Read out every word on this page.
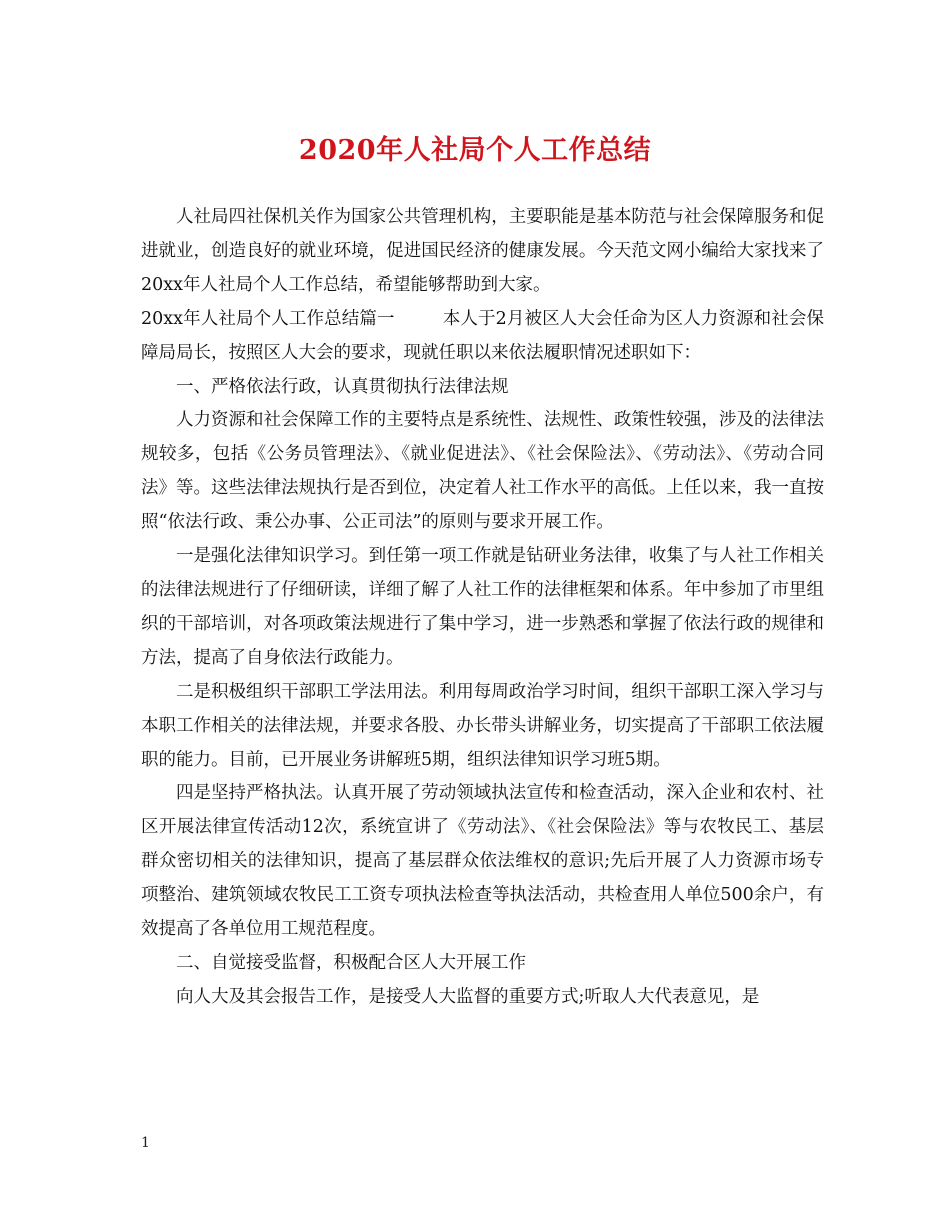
2020年人社局个人工作总结

人社局四社保机关作为国家公共管理机构，主要职能是基本防范与社会保障服务和促进就业，创造良好的就业环境，促进国民经济的健康发展。今天范文网小编给大家找来了20xx年人社局个人工作总结，希望能够帮助到大家。

20xx年人社局个人工作总结篇一	本人于2月被区人大会任命为区人力资源和社会保障局局长，按照区人大会的要求，现就任职以来依法履职情况述职如下：

一、严格依法行政，认真贯彻执行法律法规

人力资源和社会保障工作的主要特点是系统性、法规性、政策性较强，涉及的法律法规较多，包括《公务员管理法》、《就业促进法》、《社会保险法》、《劳动法》、《劳动合同法》等。这些法律法规执行是否到位，决定着人社工作水平的高低。上任以来，我一直按照“依法行政、秉公办事、公正司法”的原则与要求开展工作。

一是强化法律知识学习。到任第一项工作就是钻研业务法律，收集了与人社工作相关的法律法规进行了仔细研读，详细了解了人社工作的法律框架和体系。年中参加了市里组织的干部培训，对各项政策法规进行了集中学习，进一步熟悉和掌握了依法行政的规律和方法，提高了自身依法行政能力。

二是积极组织干部职工学法用法。利用每周政治学习时间，组织干部职工深入学习与本职工作相关的法律法规，并要求各股、办长带头讲解业务，切实提高了干部职工依法履职的能力。目前，已开展业务讲解班5期，组织法律知识学习班5期。

四是坚持严格执法。认真开展了劳动领域执法宣传和检查活动，深入企业和农村、社区开展法律宣传活动12次，系统宣讲了《劳动法》、《社会保险法》等与农牧民工、基层群众密切相关的法律知识，提高了基层群众依法维权的意识;先后开展了人力资源市场专项整治、建筑领域农牧民工工资专项执法检查等执法活动，共检查用人单位500余户，有效提高了各单位用工规范程度。

二、自觉接受监督，积极配合区人大开展工作

向人大及其会报告工作，是接受人大监督的重要方式;听取人大代表意见，是

1
